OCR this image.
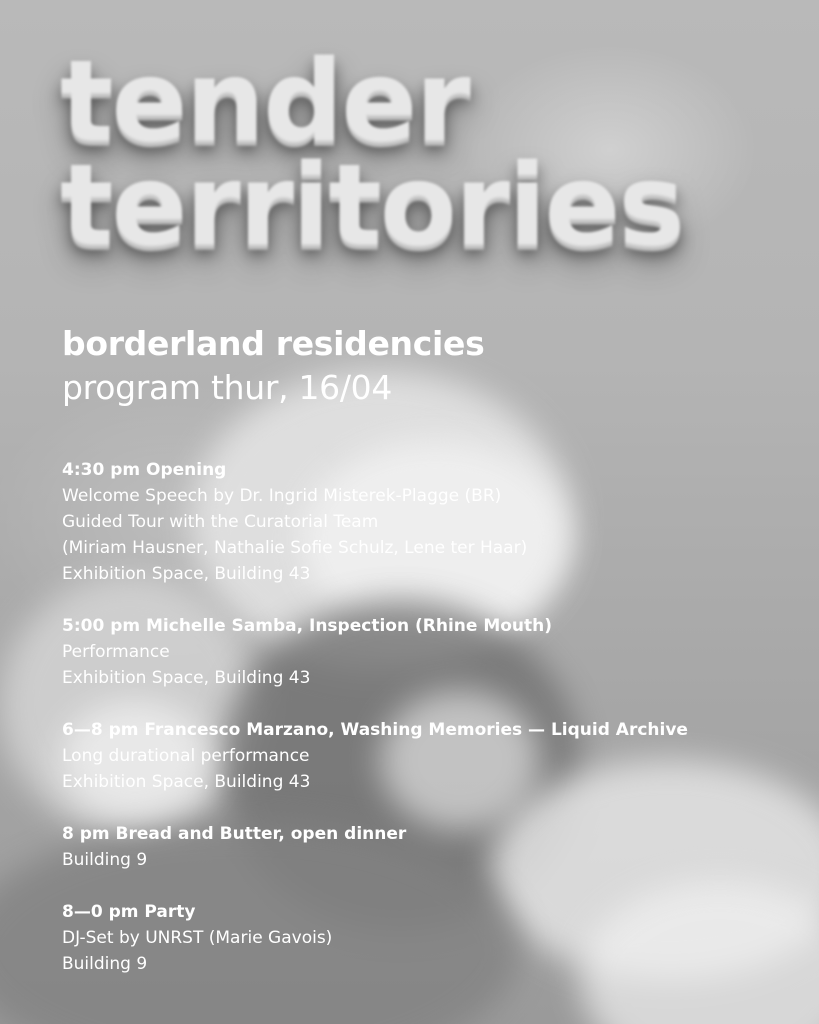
tender
territories
borderland residencies
program thur, 16/04
4:30 pm Opening
Welcome Speech by Dr. Ingrid Misterek-Plagge (BR)
Guided Tour with the Curatorial Team
(Miriam Hausner, Nathalie Sofie Schulz, Lene ter Haar)
Exhibition Space, Building 43
5:00 pm Michelle Samba, Inspection (Rhine Mouth)
Performance
Exhibition Space, Building 43
6—8 pm Francesco Marzano, Washing Memories — Liquid Archive
Long durational performance
Exhibition Space, Building 43
8 pm Bread and Butter, open dinner
Building 9
8—0 pm Party
DJ-Set by UNRST (Marie Gavois)
Building 9
